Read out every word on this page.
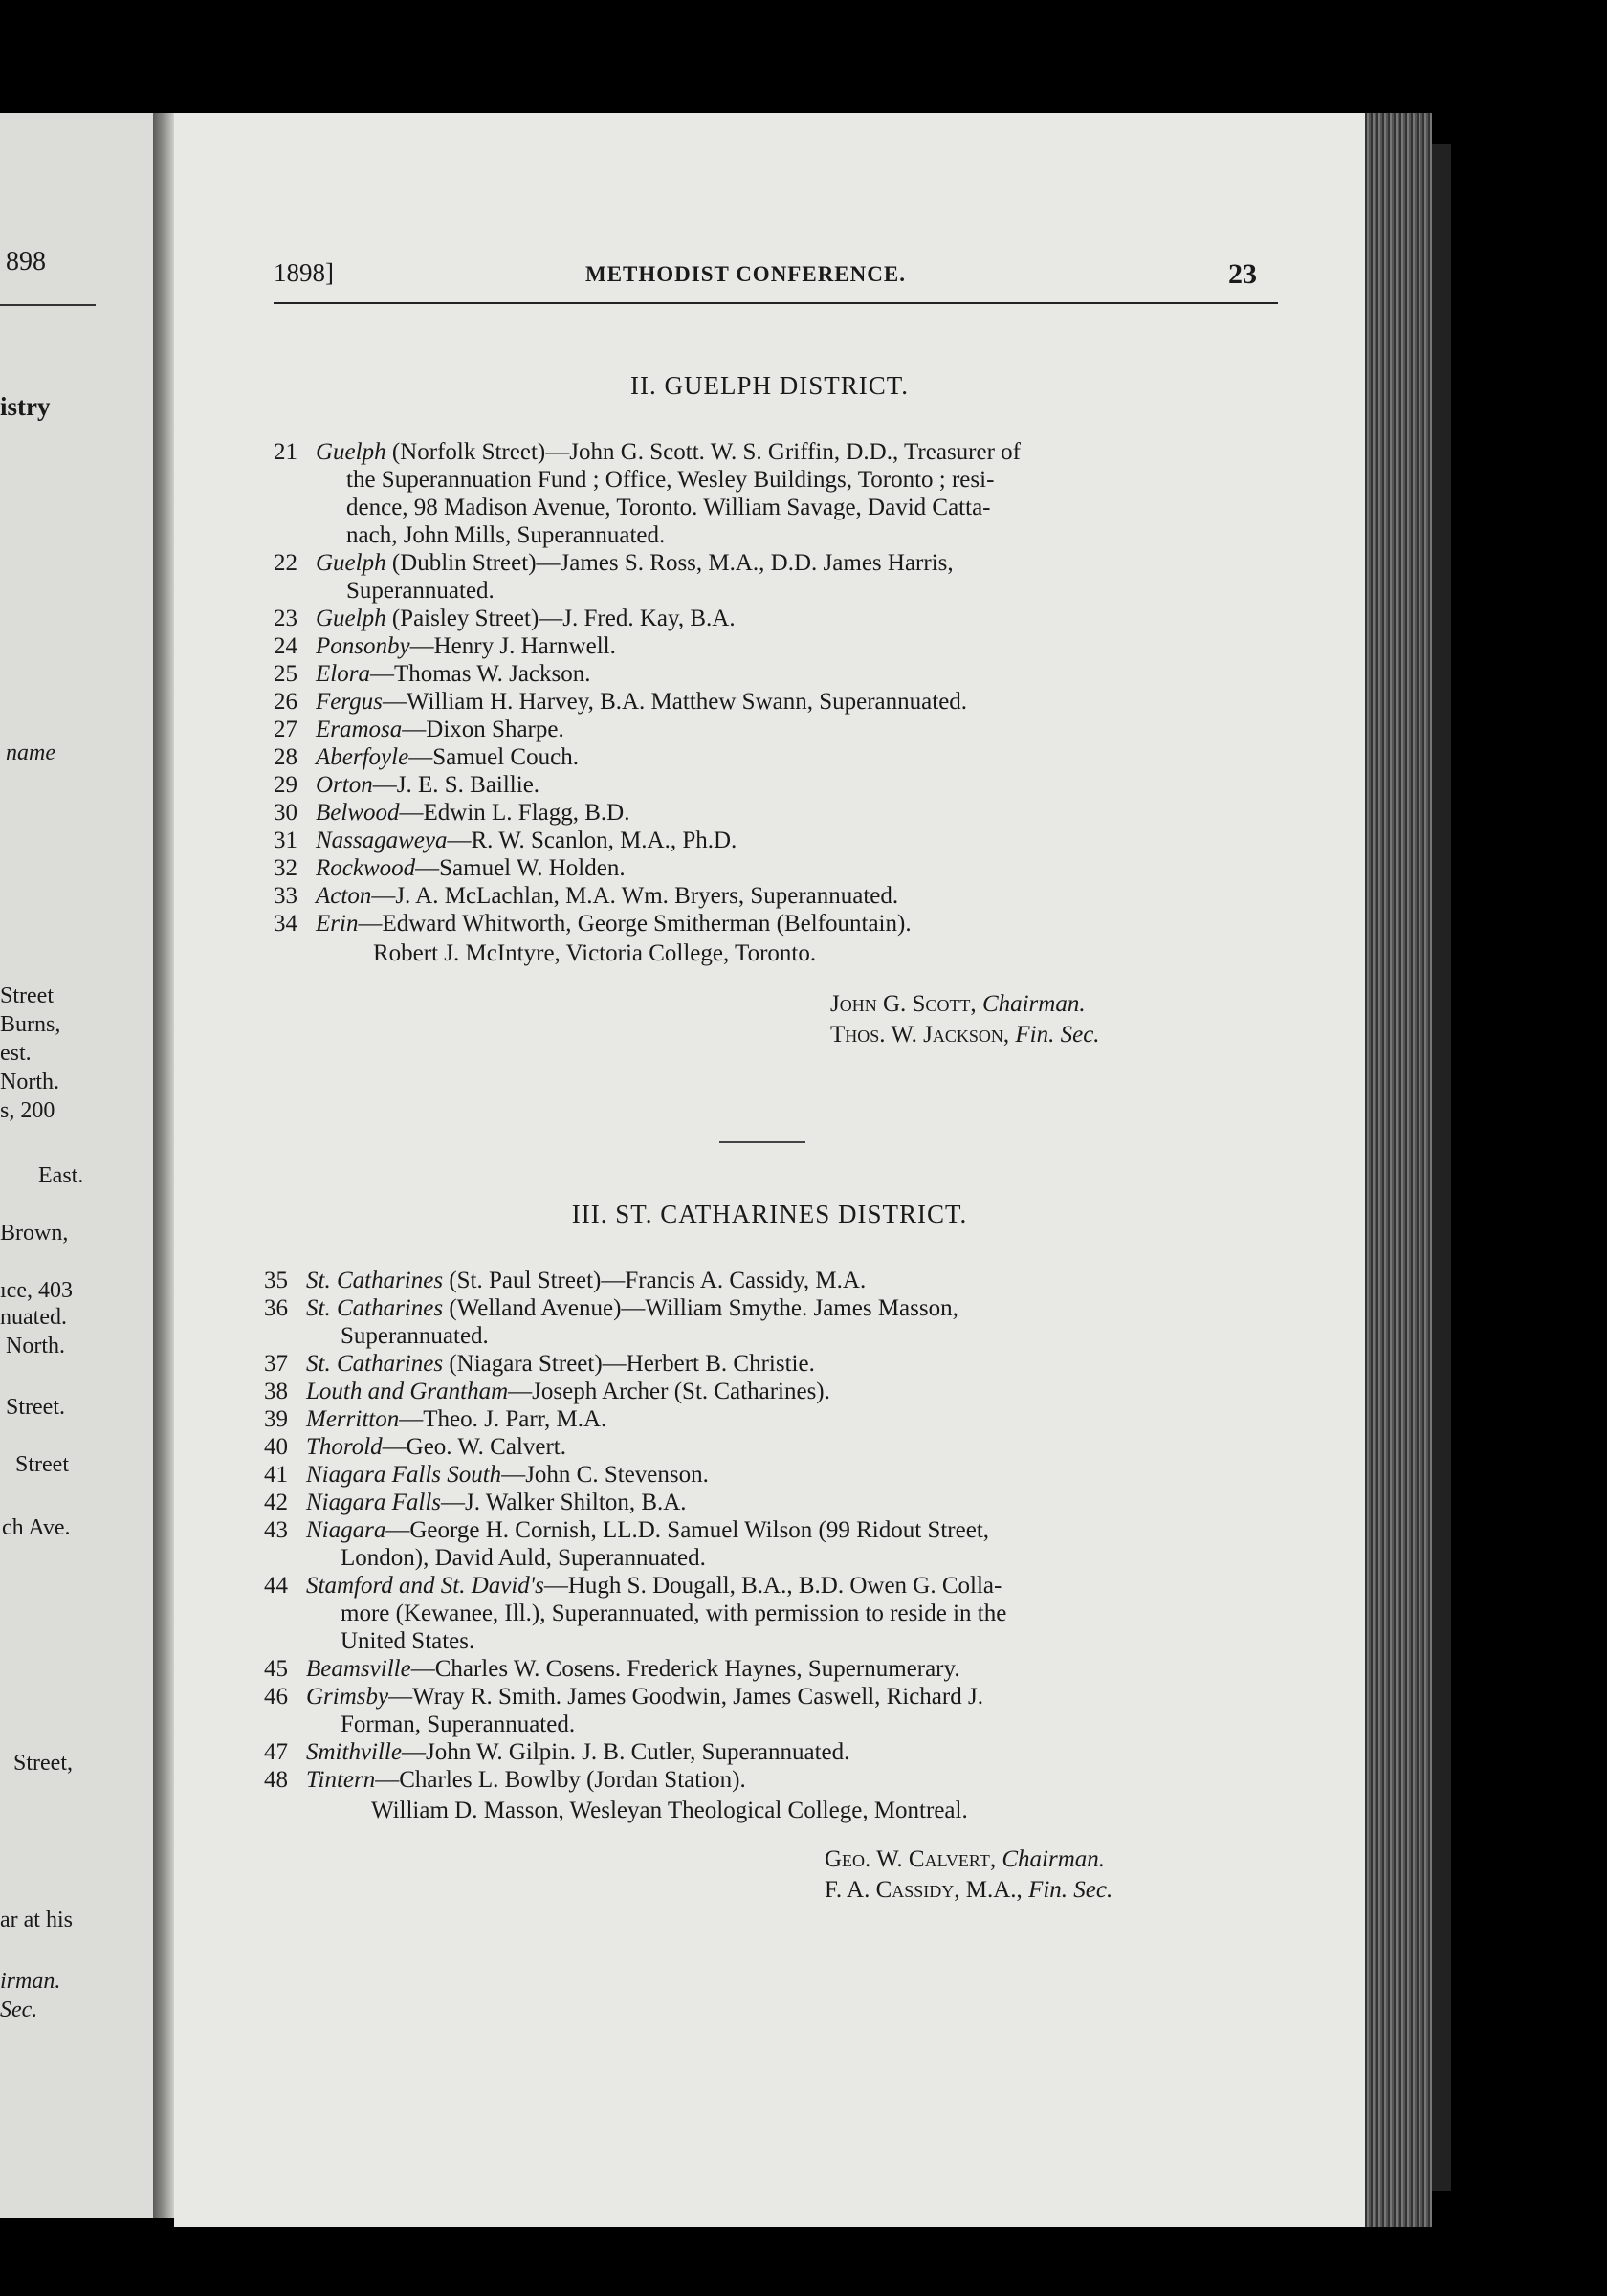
898
istry
name
Street
Burns,
est.
North.
s, 200
East.
Brown,
ıce, 403
nuated.
North.
Street.
Street
ch Ave.
Street,
ar at his
irman.
Sec.
1898]	METHODIST CONFERENCE.	23
II. GUELPH DISTRICT.
21 Guelph (Norfolk Street)—John G. Scott. W. S. Griffin, D.D., Treasurer of
the Superannuation Fund ; Office, Wesley Buildings, Toronto ; resi-
dence, 98 Madison Avenue, Toronto. William Savage, David Catta-
nach, John Mills, Superannuated.
22 Guelph (Dublin Street)—James S. Ross, M.A., D.D. James Harris,
Superannuated.
23 Guelph (Paisley Street)—J. Fred. Kay, B.A.
24 Ponsonby—Henry J. Harnwell.
25 Elora—Thomas W. Jackson.
26 Fergus—William H. Harvey, B.A. Matthew Swann, Superannuated.
27 Eramosa—Dixon Sharpe.
28 Aberfoyle—Samuel Couch.
29 Orton—J. E. S. Baillie.
30 Belwood—Edwin L. Flagg, B.D.
31 Nassagaweya—R. W. Scanlon, M.A., Ph.D.
32 Rockwood—Samuel W. Holden.
33 Acton—J. A. McLachlan, M.A. Wm. Bryers, Superannuated.
34 Erin—Edward Whitworth, George Smitherman (Belfountain).
Robert J. McIntyre, Victoria College, Toronto.
John G. Scott, Chairman.
Thos. W. Jackson, Fin. Sec.
III. ST. CATHARINES DISTRICT.
35 St. Catharines (St. Paul Street)—Francis A. Cassidy, M.A.
36 St. Catharines (Welland Avenue)—William Smythe. James Masson,
Superannuated.
37 St. Catharines (Niagara Street)—Herbert B. Christie.
38 Louth and Grantham—Joseph Archer (St. Catharines).
39 Merritton—Theo. J. Parr, M.A.
40 Thorold—Geo. W. Calvert.
41 Niagara Falls South—John C. Stevenson.
42 Niagara Falls—J. Walker Shilton, B.A.
43 Niagara—George H. Cornish, LL.D. Samuel Wilson (99 Ridout Street,
London), David Auld, Superannuated.
44 Stamford and St. David's—Hugh S. Dougall, B.A., B.D. Owen G. Colla-
more (Kewanee, Ill.), Superannuated, with permission to reside in the
United States.
45 Beamsville—Charles W. Cosens. Frederick Haynes, Supernumerary.
46 Grimsby—Wray R. Smith. James Goodwin, James Caswell, Richard J.
Forman, Superannuated.
47 Smithville—John W. Gilpin. J. B. Cutler, Superannuated.
48 Tintern—Charles L. Bowlby (Jordan Station).
William D. Masson, Wesleyan Theological College, Montreal.
Geo. W. Calvert, Chairman.
F. A. Cassidy, M.A., Fin. Sec.
